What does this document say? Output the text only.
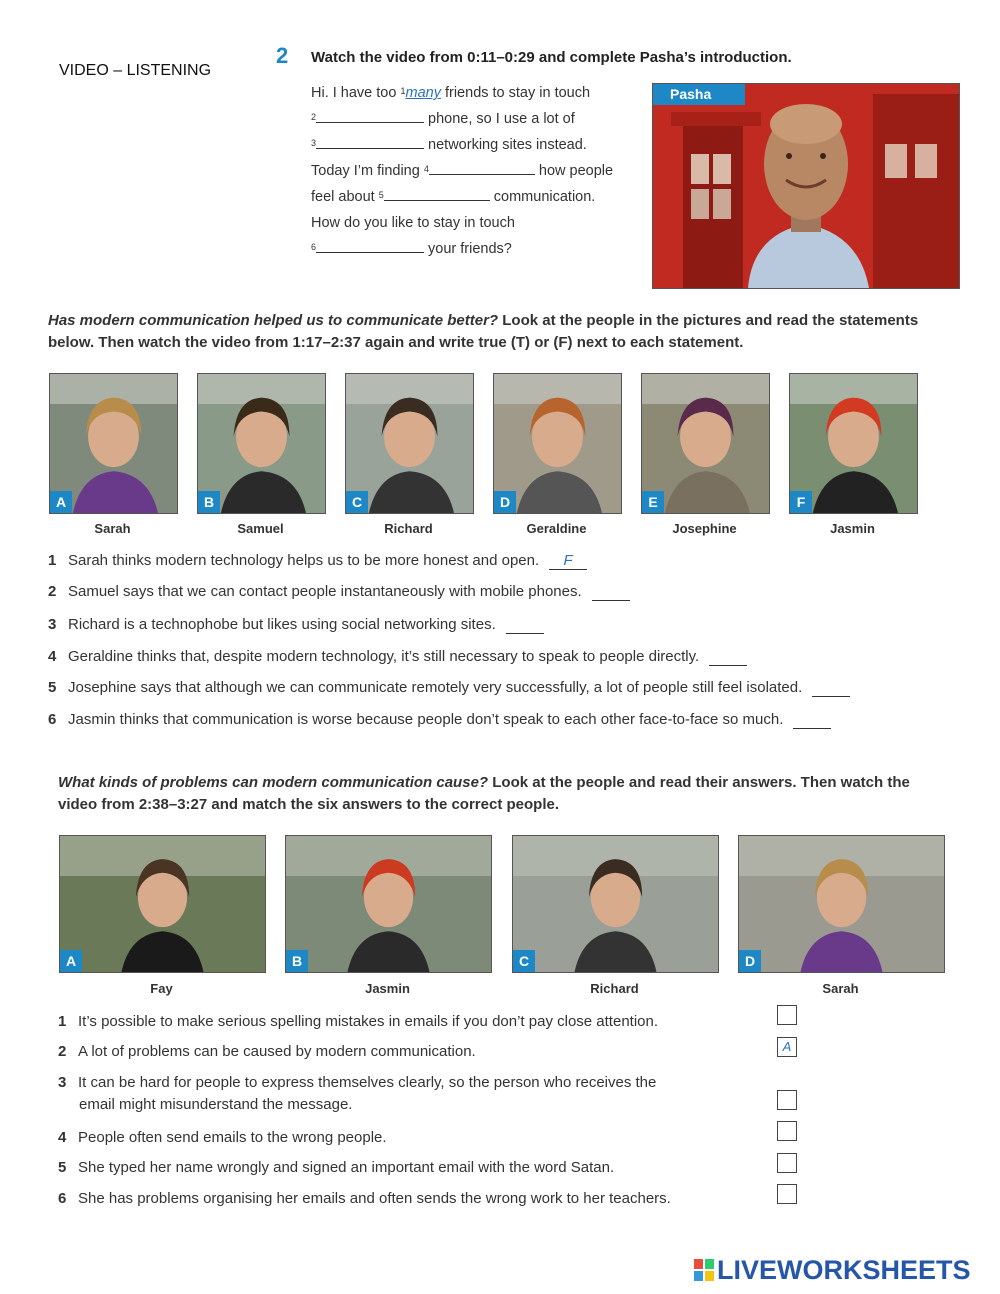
VIDEO – LISTENING
2 Watch the video from 0:11–0:29 and complete Pasha’s introduction.
Hi. I have too $^1$many friends to stay in touch
$^2$	phone, so I use a lot of
$^3$	networking sites instead.
Today I’m finding $^4$	how people
feel about $^5$	communication.
How do you like to stay in touch
$^6$	your friends?
Pasha
Has modern communication helped us to communicate better? Look at the people in the pictures and read the statements below. Then watch the video from 1:17–2:37 again and write true (T) or (F) next to each statement.
A
Sarah
B
Samuel
C
Richard
D
Geraldine
E
Josephine
F
Jasmin
1 Sarah thinks modern technology helps us to be more honest and open. F
2 Samuel says that we can contact people instantaneously with mobile phones.
3 Richard is a technophobe but likes using social networking sites.
4 Geraldine thinks that, despite modern technology, it’s still necessary to speak to people directly.
5 Josephine says that although we can communicate remotely very successfully, a lot of people still feel isolated.
6 Jasmin thinks that communication is worse because people don’t speak to each other face-to-face so much.
What kinds of problems can modern communication cause? Look at the people and read their answers. Then watch the video from 2:38–3:27 and match the six answers to the correct people.
A
Fay
B
Jasmin
C
Richard
D
Sarah
1 It’s possible to make serious spelling mistakes in emails if you don’t pay close attention.
2 A lot of problems can be caused by modern communication.	A
3 It can be hard for people to express themselves clearly, so the person who receives the
email might misunderstand the message.
4 People often send emails to the wrong people.
5 She typed her name wrongly and signed an important email with the word Satan.
6 She has problems organising her emails and often sends the wrong work to her teachers.
LIVEWORKSHEETS
